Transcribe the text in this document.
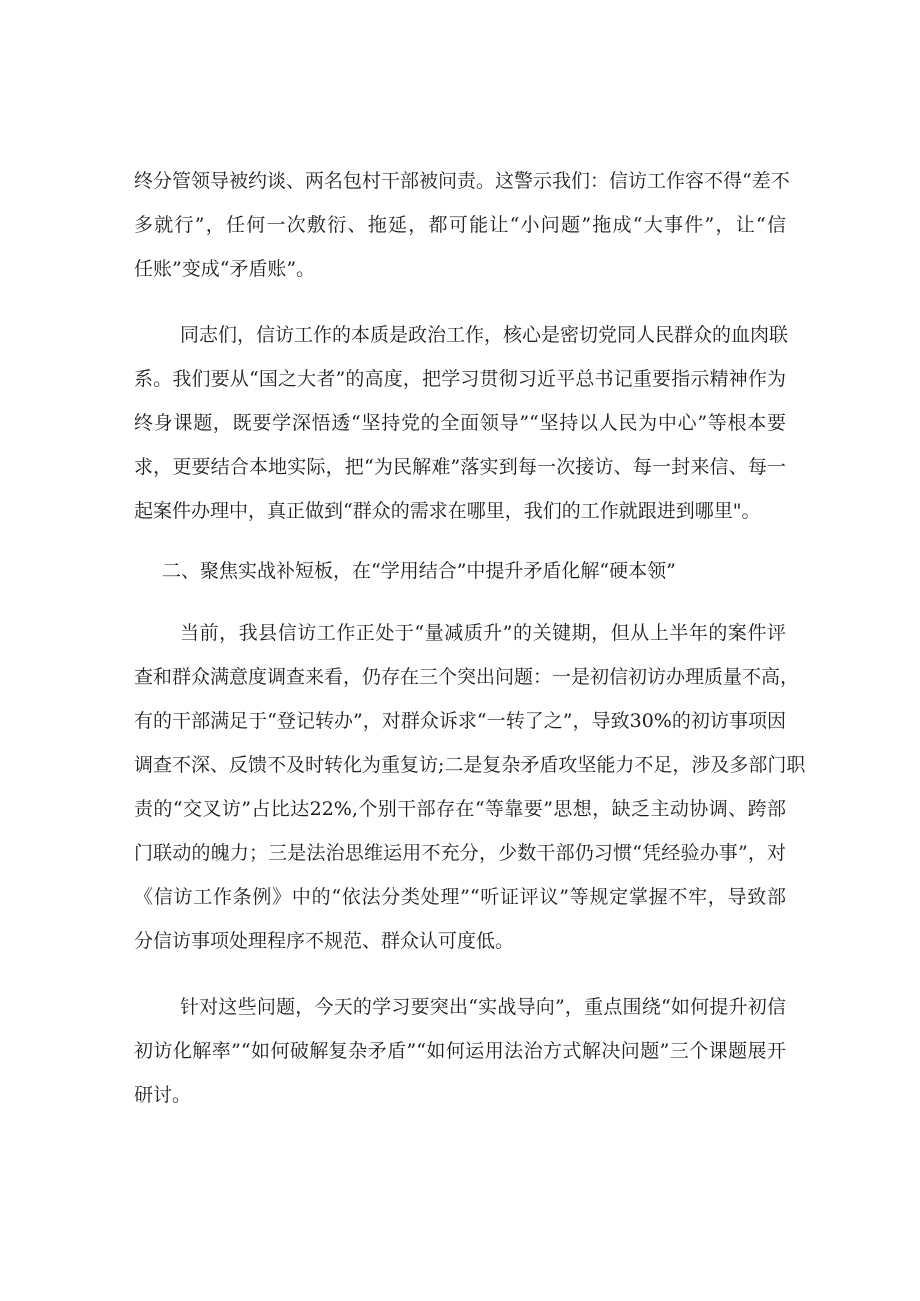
终分管领导被约谈、两名包村干部被问责。这警示我们：信访工作容不得“差不
多就行”，任何一次敷衍、拖延，都可能让“小问题”拖成“大事件”，让“信
任账”变成“矛盾账”。
同志们，信访工作的本质是政治工作，核心是密切党同人民群众的血肉联
系。我们要从“国之大者”的高度，把学习贯彻习近平总书记重要指示精神作为
终身课题，既要学深悟透“坚持党的全面领导”“坚持以人民为中心”等根本要
求，更要结合本地实际，把“为民解难”落实到每一次接访、每一封来信、每一
起案件办理中，真正做到“群众的需求在哪里，我们的工作就跟进到哪里"。
二、聚焦实战补短板，在“学用结合”中提升矛盾化解“硬本领”
当前，我县信访工作正处于“量减质升”的关键期，但从上半年的案件评
查和群众满意度调查来看，仍存在三个突出问题：一是初信初访办理质量不高，
有的干部满足于“登记转办”，对群众诉求“一转了之”，导致30%的初访事项因
调查不深、反馈不及时转化为重复访;二是复杂矛盾攻坚能力不足，涉及多部门职
责的“交叉访”占比达22%,个别干部存在“等靠要”思想，缺乏主动协调、跨部
门联动的魄力；三是法治思维运用不充分，少数干部仍习惯“凭经验办事”，对
《信访工作条例》中的“依法分类处理”“听证评议”等规定掌握不牢，导致部
分信访事项处理程序不规范、群众认可度低。
针对这些问题，今天的学习要突出“实战导向”，重点围绕“如何提升初信
初访化解率”“如何破解复杂矛盾”“如何运用法治方式解决问题”三个课题展开
研讨。
